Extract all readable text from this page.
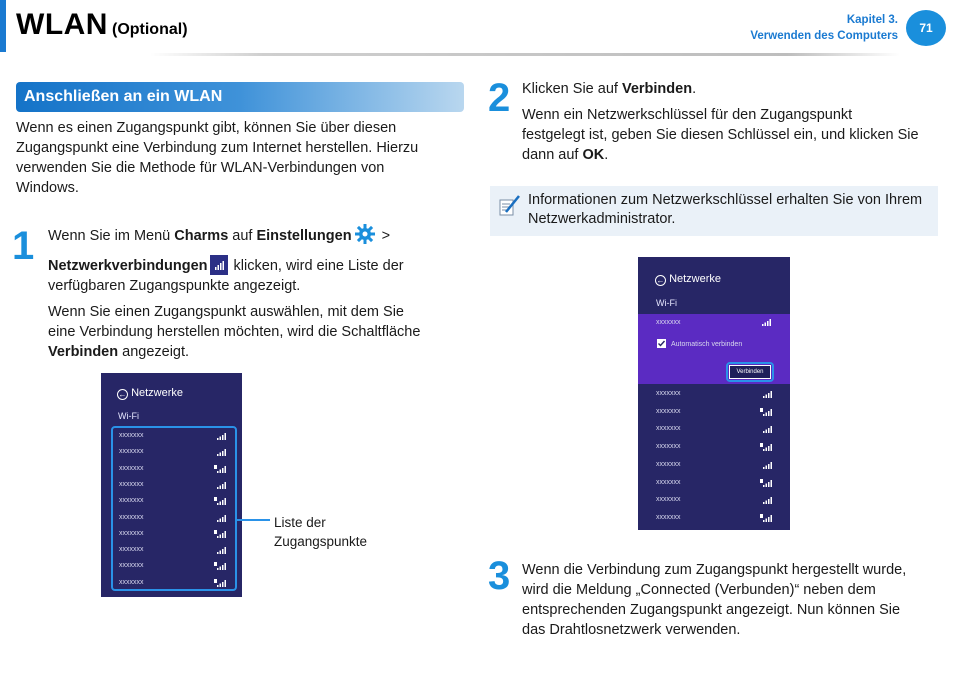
WLAN (Optional)
Kapitel 3.
Verwenden des Computers
71
Anschließen an ein WLAN
Wenn es einen Zugangspunkt gibt, können Sie über diesen
Zugangspunkt eine Verbindung zum Internet herstellen. Hierzu
verwenden Sie die Methode für WLAN-Verbindungen von
Windows.
1 Wenn Sie im Menü Charms auf Einstellungen >
Netzwerkverbindungen
klicken, wird eine Liste der
verfügbaren Zugangspunkte angezeigt.
Wenn Sie einen Zugangspunkt auswählen, mit dem Sie
eine Verbindung herstellen möchten, wird die Schaltfläche
Verbinden angezeigt.
← Netzwerke
Wi-Fi
xxxxxxx
xxxxxxx
xxxxxxx
xxxxxxx
xxxxxxx
xxxxxxx
xxxxxxx
xxxxxxx
xxxxxxx
xxxxxxx
Liste der
Zugangspunkte
2 Klicken Sie auf Verbinden.
Wenn ein Netzwerkschlüssel für den Zugangspunkt
festgelegt ist, geben Sie diesen Schlüssel ein, und klicken Sie
dann auf OK.
Informationen zum Netzwerkschlüssel erhalten Sie von Ihrem
Netzwerkadministrator.
← Netzwerke
Wi-Fi
xxxxxxx
Automatisch verbinden
Verbinden
xxxxxxx
xxxxxxx
xxxxxxx
xxxxxxx
xxxxxxx
xxxxxxx
xxxxxxx
xxxxxxx
3 Wenn die Verbindung zum Zugangspunkt hergestellt wurde,
wird die Meldung „Connected (Verbunden)“ neben dem
entsprechenden Zugangspunkt angezeigt. Nun können Sie
das Drahtlosnetzwerk verwenden.
